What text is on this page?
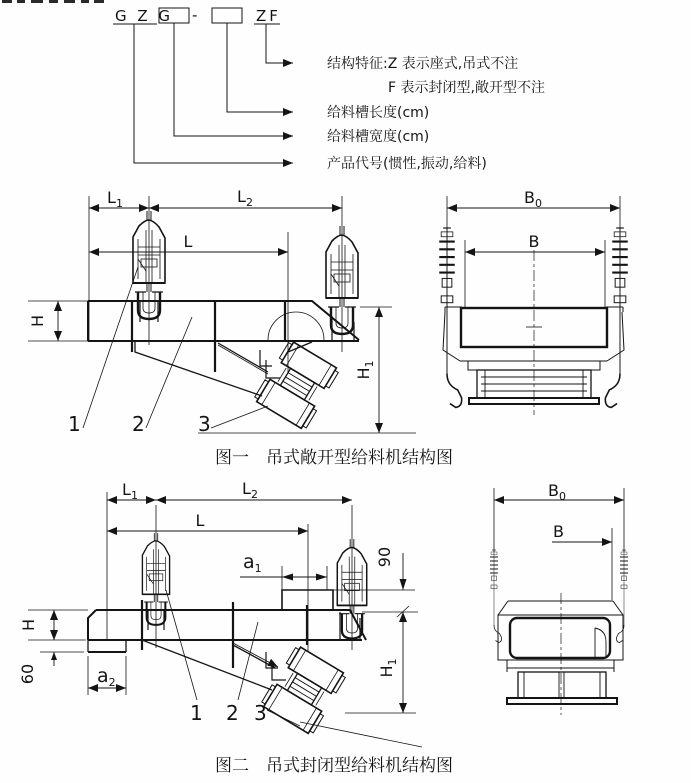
G Z G -	ZF
结构特征:Z 表示座式,吊式不注
F 表示封闭型,敞开型不注
给料槽长度(cm)
给料槽宽度(cm)
产品代号(惯性,振动,给料)
$L_1$	$L_2$
L
H
$H_1$
1	2	3
$B_0$
B
图一　吊式敞开型给料机结构图
$L_1$	$L_2$
L
$a_1$
90
H
60	$a_2$
$H_1$
1 2 3
$B_0$
B
图二　吊式封闭型给料机结构图
